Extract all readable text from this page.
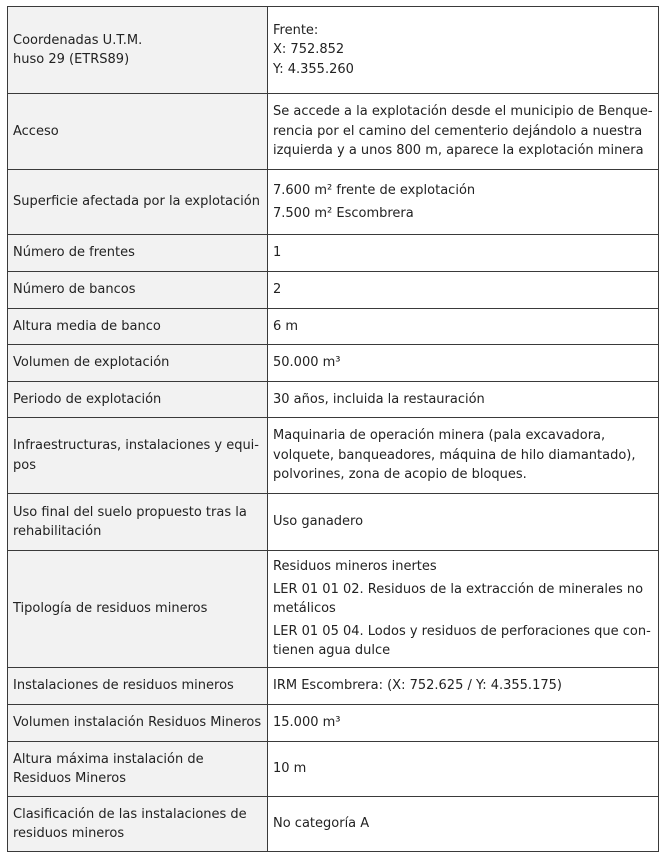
Coordenadas U.T.M. huso 29 (ETRS89)	Frente:
X: 752.852
Y: 4.355.260

Acceso	Se accede a la explotación desde el municipio de Benque-rencia por el camino del cementerio dejándolo a nuestra izquierda y a unos 800 m, aparece la explotación minera

Superficie afectada por la explotación	7.600 m² frente de explotación
7.500 m² Escombrera

Número de frentes	1

Número de bancos	2

Altura media de banco	6 m

Volumen de explotación	50.000 m³

Periodo de explotación	30 años, incluida la restauración

Infraestructuras, instalaciones y equi-pos	Maquinaria de operación minera (pala excavadora, volquete, banqueadores, máquina de hilo diamantado), polvorines, zona de acopio de bloques.

Uso final del suelo propuesto tras la rehabilitación	Uso ganadero

Tipología de residuos mineros	Residuos mineros inertes
LER 01 01 02. Residuos de la extracción de minerales no metálicos
LER 01 05 04. Lodos y residuos de perforaciones que con-tienen agua dulce

Instalaciones de residuos mineros	IRM Escombrera: (X: 752.625 / Y: 4.355.175)

Volumen instalación Residuos Mineros	15.000 m³

Altura máxima instalación de Residuos Mineros	10 m

Clasificación de las instalaciones de residuos mineros	No categoría A
